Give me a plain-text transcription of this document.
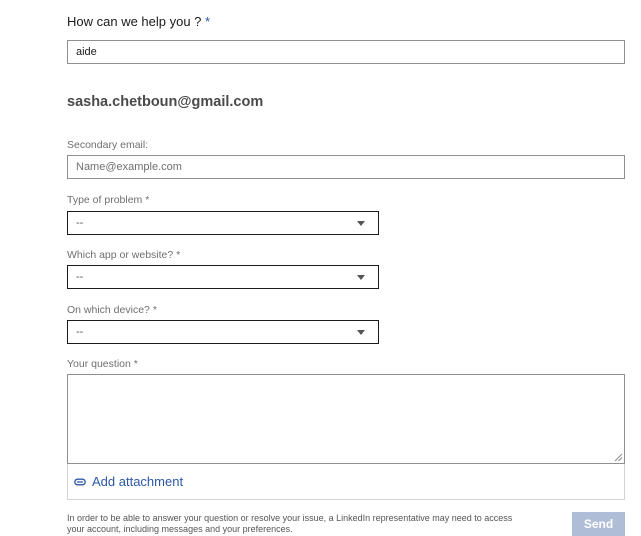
How can we help you ? *
aide
sasha.chetboun@gmail.com
Secondary email:
Name@example.com
Type of problem *
--
Which app or website? *
--
On which device? *
--
Your question *
Add attachment
In order to be able to answer your question or resolve your issue, a LinkedIn representative may need to access your account, including messages and your preferences.	Send
